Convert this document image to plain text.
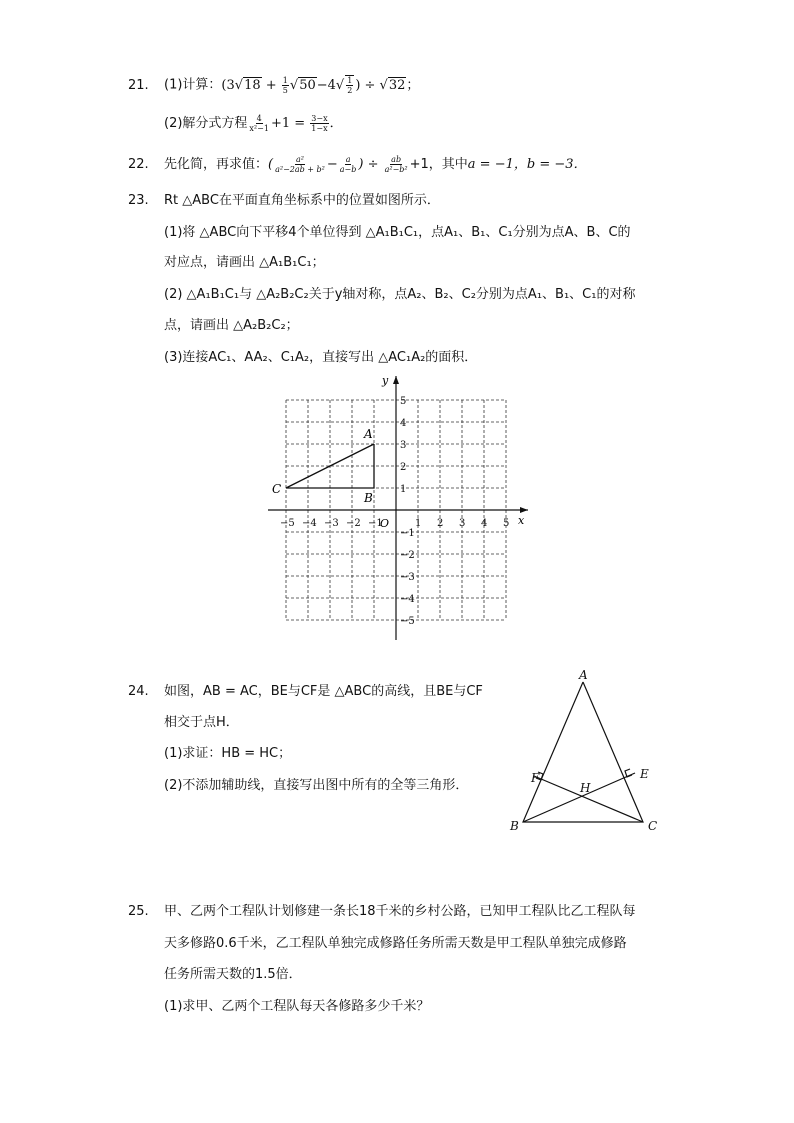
21. (1)计算：($3√18 + \frac{1}{5} √50-4√ \frac{1}{2}$ ) ÷ √32；
(2)解分式方程 $\frac{4}{\text{x²−1}} +1 = \frac{3-x}{1-x}$ ．
22. 先化简，再求值：( $\frac{\text{a²}}{\text{a²−2ab + b²}} - \frac{a}{a-b}$ ) ÷ $\frac{ab}{\text{a²−b²}} +1$，其中a = −1，b = −3．
23. Rt △ABC在平面直角坐标系中的位置如图所示．
(1)将 △ABC向下平移4个单位得到 △A₁B₁C₁，点A₁、B₁、C₁分别为点A、B、C的
对应点，请画出 △A₁B₁C₁；
(2) △A₁B₁C₁与 △A₂B₂C₂关于y轴对称，点A₂、B₂、C₂分别为点A₁、B₁、C₁的对称
点，请画出 △A₂B₂C₂；
(3)连接AC₁、AA₂、C₁A₂，直接写出 △AC₁A₂的面积．
−5 −4 −3 −2 −1	1 2 3 4 5
5
4
3
2
1
−1
−2
−3
−4
−5
x
y
O
A
B
C
24. 如图，AB = AC，BE与CF是 △ABC的高线，且BE与CF
相交于点H．
(1)求证：HB = HC；
(2)不添加辅助线，直接写出图中所有的全等三角形．
A
B	C
F	E
H
25. 甲、乙两个工程队计划修建一条长18千米的乡村公路，已知甲工程队比乙工程队每
天多修路0.6千米，乙工程队单独完成修路任务所需天数是甲工程队单独完成修路
任务所需天数的1.5倍．
(1)求甲、乙两个工程队每天各修路多少千米？
